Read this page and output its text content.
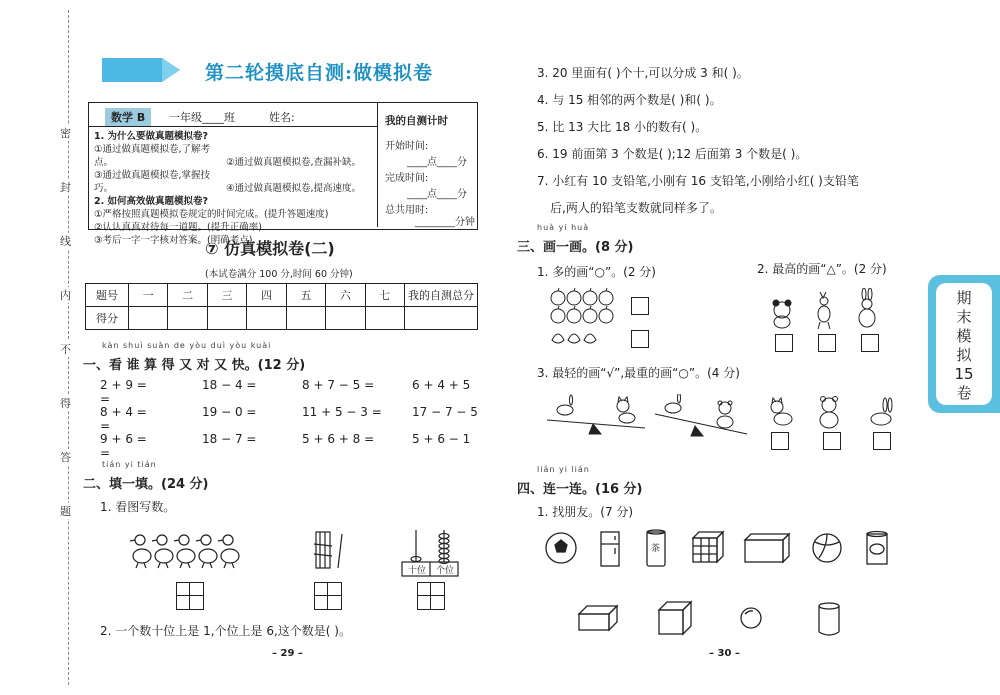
密
封
线
内
不
得
答
题
第二轮摸底自测:做模拟卷
数学 B	一年级____班	姓名:
1. 为什么要做真题模拟卷?
①通过做真题模拟卷,了解考点。	②通过做真题模拟卷,查漏补缺。
③通过做真题模拟卷,掌握技巧。	④通过做真题模拟卷,提高速度。
2. 如何高效做真题模拟卷?
①严格按照真题模拟卷规定的时间完成。(提升答题速度)
②认认真真对待每一道题。(提升正确率)
③考后一字一字核对答案。(明确考点)
我的自测计时
开始时间:
____点____分
完成时间:
____点____分
总共用时:
________分钟
⑦ 仿真模拟卷(二)
(本试卷满分 100 分,时间 60 分钟)
题号	一	二	三	四	五	六	七	我的自测总分
得分								
kàn shuì suàn de yòu duì yòu kuài
一、看 谁 算 得 又 对 又 快。(12 分)
2 + 9 =	18 − 4 =	8 + 7 − 5 =	6 + 4 + 5 =
8 + 4 =	19 − 0 =	11 + 5 − 3 =	17 − 7 − 5 =
9 + 6 =	18 − 7 =	5 + 6 + 8 =	5 + 6 − 1 =
tián yi tián
二、填一填。(24 分)
1. 看图写数。
十位 个位
2. 一个数十位上是 1,个位上是 6,这个数是( )。
– 29 –
3. 20 里面有( )个十,可以分成 3 和( )。
4. 与 15 相邻的两个数是( )和( )。
5. 比 13 大比 18 小的数有( )。
6. 19 前面第 3 个数是( );12 后面第 3 个数是( )。
7. 小红有 10 支铅笔,小刚有 16 支铅笔,小刚给小红( )支铅笔
后,两人的铅笔支数就同样多了。
huà yi huà
三、画一画。(8 分)
1. 多的画“○”。(2 分)	2. 最高的画“△”。(2 分)
3. 最轻的画“√”,最重的画“○”。(4 分)
lián yi lián
四、连一连。(16 分)
1. 找朋友。(7 分)
茶
– 30 –
期
末
模
拟
15
卷
